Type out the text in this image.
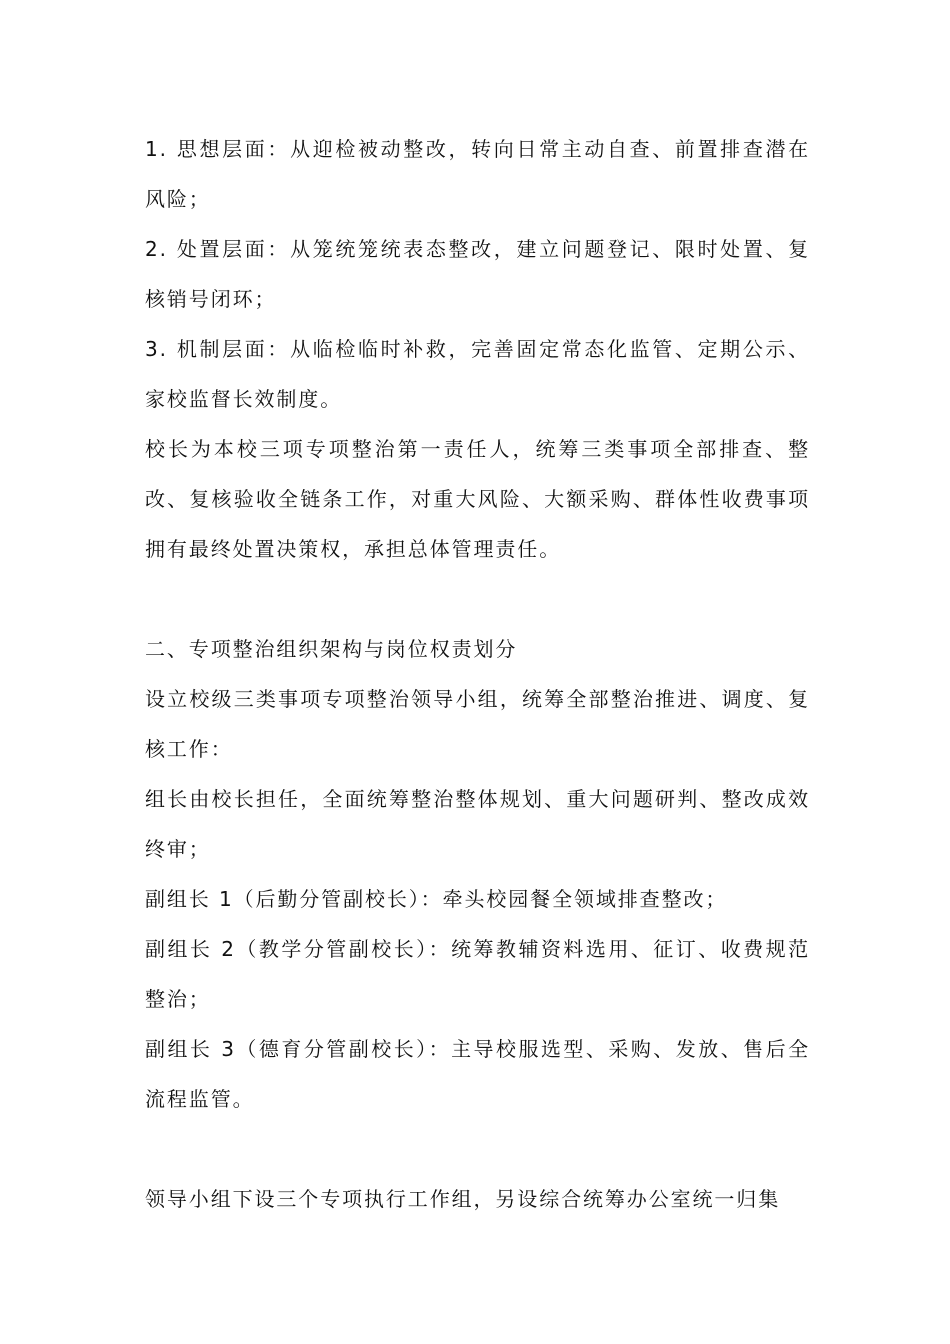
1. 思想层面：从迎检被动整改，转向日常主动自查、前置排查潜在风险；

2. 处置层面：从笼统笼统表态整改，建立问题登记、限时处置、复核销号闭环；

3. 机制层面：从临检临时补救，完善固定常态化监管、定期公示、家校监督长效制度。

校长为本校三项专项整治第一责任人，统筹三类事项全部排查、整改、复核验收全链条工作，对重大风险、大额采购、群体性收费事项拥有最终处置决策权，承担总体管理责任。

二、专项整治组织架构与岗位权责划分

设立校级三类事项专项整治领导小组，统筹全部整治推进、调度、复核工作：

组长由校长担任，全面统筹整治整体规划、重大问题研判、整改成效终审；

副组长 1（后勤分管副校长）：牵头校园餐全领域排查整改；

副组长 2（教学分管副校长）：统筹教辅资料选用、征订、收费规范整治；

副组长 3（德育分管副校长）：主导校服选型、采购、发放、售后全流程监管。

领导小组下设三个专项执行工作组，另设综合统筹办公室统一归集
